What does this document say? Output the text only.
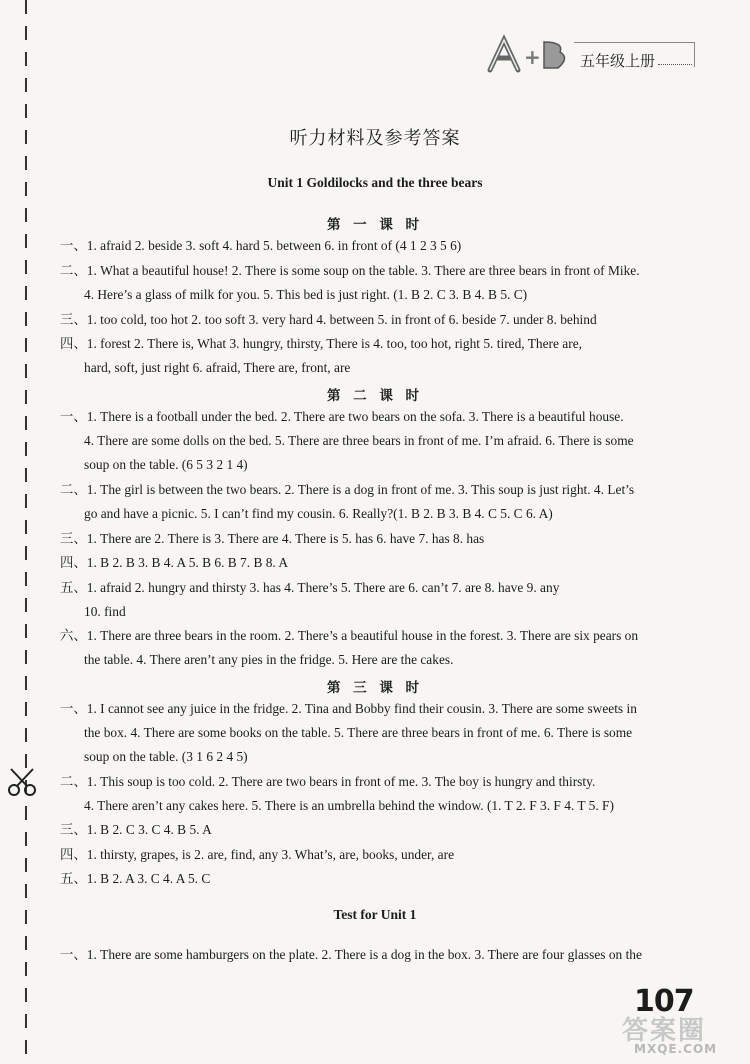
+	五年级上册
听力材料及参考答案
Unit 1 Goldilocks and the three bears
第 一 课 时
一、1. afraid 2. beside 3. soft 4. hard 5. between 6. in front of (4 1 2 3 5 6)
二、1. What a beautiful house! 2. There is some soup on the table. 3. There are three bears in front of Mike.
4. Here’s a glass of milk for you. 5. This bed is just right. (1. B 2. C 3. B 4. B 5. C)
三、1. too cold, too hot 2. too soft 3. very hard 4. between 5. in front of 6. beside 7. under 8. behind
四、1. forest 2. There is, What 3. hungry, thirsty, There is 4. too, too hot, right 5. tired, There are,
hard, soft, just right 6. afraid, There are, front, are
第 二 课 时
一、1. There is a football under the bed. 2. There are two bears on the sofa. 3. There is a beautiful house.
4. There are some dolls on the bed. 5. There are three bears in front of me. I’m afraid. 6. There is some
soup on the table. (6 5 3 2 1 4)
二、1. The girl is between the two bears. 2. There is a dog in front of me. 3. This soup is just right. 4. Let’s
go and have a picnic. 5. I can’t find my cousin. 6. Really?(1. B 2. B 3. B 4. C 5. C 6. A)
三、1. There are 2. There is 3. There are 4. There is 5. has 6. have 7. has 8. has
四、1. B 2. B 3. B 4. A 5. B 6. B 7. B 8. A
五、1. afraid 2. hungry and thirsty 3. has 4. There’s 5. There are 6. can’t 7. are 8. have 9. any
10. find
六、1. There are three bears in the room. 2. There’s a beautiful house in the forest. 3. There are six pears on
the table. 4. There aren’t any pies in the fridge. 5. Here are the cakes.
第 三 课 时
一、1. I cannot see any juice in the fridge. 2. Tina and Bobby find their cousin. 3. There are some sweets in
the box. 4. There are some books on the table. 5. There are three bears in front of me. 6. There is some
soup on the table. (3 1 6 2 4 5)
二、1. This soup is too cold. 2. There are two bears in front of me. 3. The boy is hungry and thirsty.
4. There aren’t any cakes here. 5. There is an umbrella behind the window. (1. T 2. F 3. F 4. T 5. F)
三、1. B 2. C 3. C 4. B 5. A
四、1. thirsty, grapes, is 2. are, find, any 3. What’s, are, books, under, are
五、1. B 2. A 3. C 4. A 5. C
Test for Unit 1
一、1. There are some hamburgers on the plate. 2. There is a dog in the box. 3. There are four glasses on the
107
答案圈
MXQE.COM
